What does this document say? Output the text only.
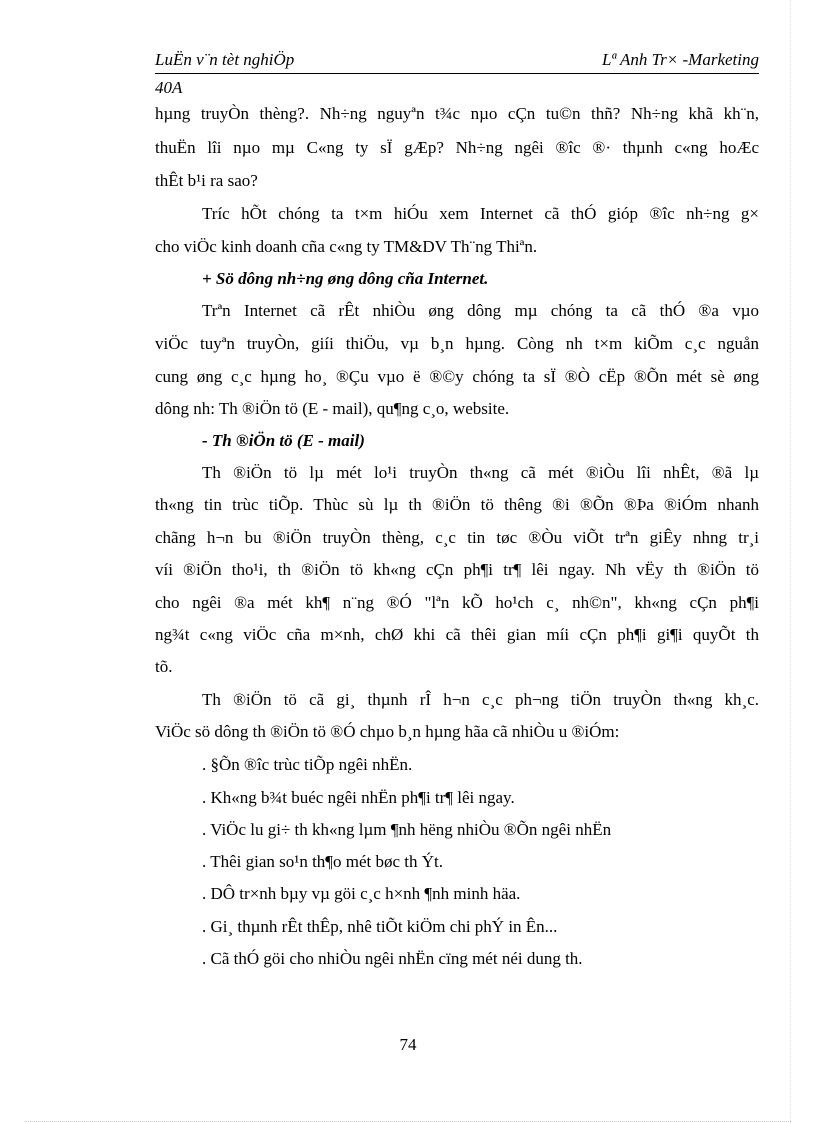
LuËn v¨n tèt nghiÖp	Lª Anh Tr× -Marketing
40A
hµng truyÒn thèng?. Nh÷ng nguyªn t¾c nµo cÇn tu©n thñ? Nh÷ng khã kh¨n,
thuËn lîi nµo mµ C«ng ty sÏ gÆp? Nh÷ng ngêi ®îc ®· thµnh c«ng hoÆc
thÊt b¹i ra sao?
Tríc hÕt chóng ta t×m hiÓu xem Internet cã thÓ gióp ®îc nh÷ng g×
cho viÖc kinh doanh cña c«ng ty TM&DV Th¨ng Thiªn.
+ Sö dông nh÷ng øng dông cña Internet.
Trªn Internet cã rÊt nhiÒu øng dông mµ chóng ta cã thÓ ®a vµo
viÖc tuyªn truyÒn, giíi thiÖu, vµ b¸n hµng. Còng nh t×m kiÕm c¸c nguån
cung øng c¸c hµng ho¸ ®Çu vµo ë ®©y chóng ta sÏ ®Ò cËp ®Õn mét sè øng
dông nh: Th ®iÖn tö (E - mail), qu¶ng c¸o, website.
- Th ®iÖn tö (E - mail)
Th ®iÖn tö lµ mét lo¹i truyÒn th«ng cã mét ®iÒu lîi nhÊt, ®ã lµ
th«ng tin trùc tiÕp. Thùc sù lµ th ®iÖn tö thêng ®i ®Õn ®Þa ®iÓm nhanh
chãng h¬n bu ®iÖn truyÒn thèng, c¸c tin tøc ®Òu viÕt trªn giÊy nhng tr¸i
víi ®iÖn tho¹i, th ®iÖn tö kh«ng cÇn ph¶i tr¶ lêi ngay. Nh vËy th ®iÖn tö
cho ngêi ®a mét kh¶ n¨ng ®Ó "lªn kÕ ho¹ch c¸ nh©n", kh«ng cÇn ph¶i
ng¾t c«ng viÖc cña m×nh, chØ khi cã thêi gian míi cÇn ph¶i gi¶i quyÕt th
tõ.
Th ®iÖn tö cã gi¸ thµnh rÎ h¬n c¸c ph¬ng tiÖn truyÒn th«ng kh¸c.
ViÖc sö dông th ®iÖn tö ®Ó chµo b¸n hµng hãa cã nhiÒu u ®iÓm:
. §Õn ®îc trùc tiÕp ngêi nhËn.
. Kh«ng b¾t buéc ngêi nhËn ph¶i tr¶ lêi ngay.
. ViÖc lu gi÷ th kh«ng lµm ¶nh hëng nhiÒu ®Õn ngêi nhËn
. Thêi gian so¹n th¶o mét bøc th Ýt.
. DÔ tr×nh bµy vµ göi c¸c h×nh ¶nh minh häa.
. Gi¸ thµnh rÊt thÊp, nhê tiÕt kiÖm chi phÝ in Ên...
. Cã thÓ göi cho nhiÒu ngêi nhËn cïng mét néi dung th.
74
